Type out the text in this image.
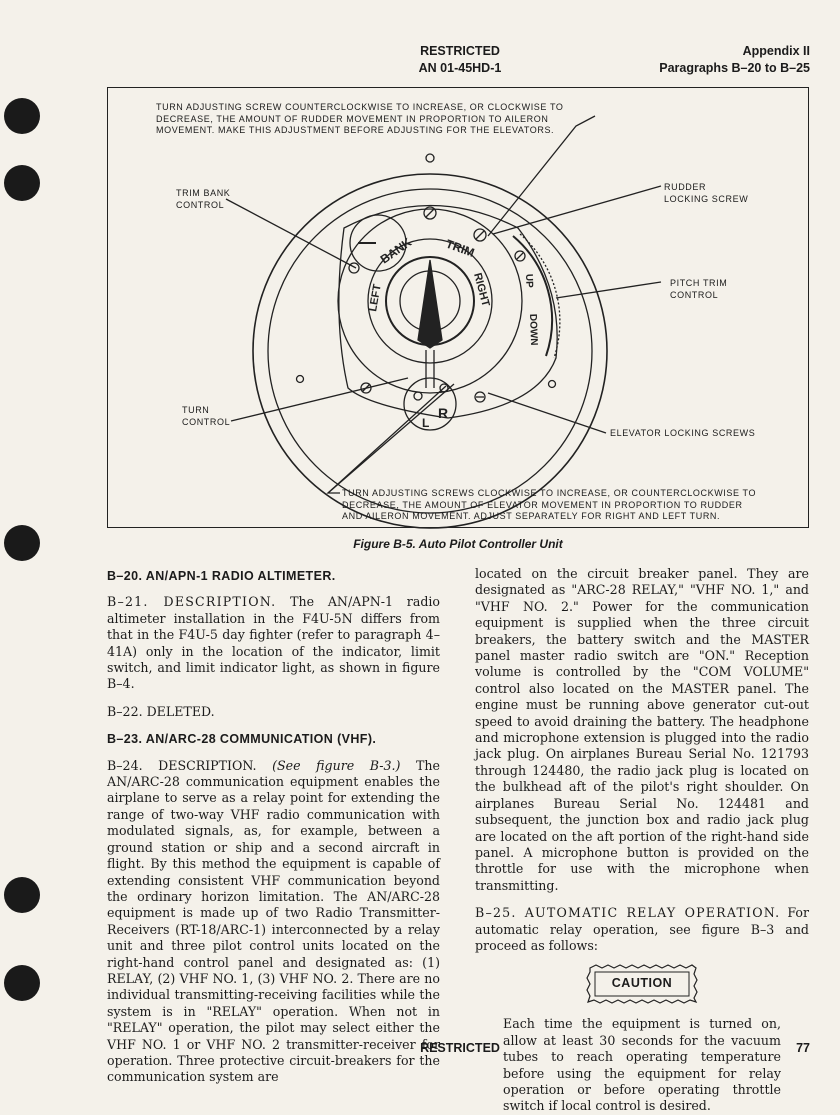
RESTRICTED
AN 01-45HD-1
Appendix II
Paragraphs B–20 to B–25
BANK TRIM
LEFT	RIGHT	UP
DOWN
L
R
TURN ADJUSTING SCREW COUNTERCLOCKWISE TO INCREASE, OR CLOCKWISE TO
DECREASE, THE AMOUNT OF RUDDER MOVEMENT IN PROPORTION TO AILERON
MOVEMENT. MAKE THIS ADJUSTMENT BEFORE ADJUSTING FOR THE ELEVATORS.
TRIM BANK
CONTROL
RUDDER
LOCKING SCREW
PITCH TRIM
CONTROL
TURN
CONTROL
ELEVATOR LOCKING SCREWS
TURN ADJUSTING SCREWS CLOCKWISE TO INCREASE, OR COUNTERCLOCKWISE TO
DECREASE, THE AMOUNT OF ELEVATOR MOVEMENT IN PROPORTION TO RUDDER
AND AILERON MOVEMENT. ADJUST SEPARATELY FOR RIGHT AND LEFT TURN.
Figure B-5. Auto Pilot Controller Unit

B–20. AN/APN-1 RADIO ALTIMETER.

B–21. DESCRIPTION. The AN/APN-1 radio altimeter installation in the F4U-5N differs from that in the F4U-5 day fighter (refer to paragraph 4–41A) only in the location of the indicator, limit switch, and limit indicator light, as shown in figure B–4.

B–22. DELETED.

B–23. AN/ARC-28 COMMUNICATION (VHF).

B–24. DESCRIPTION. (See figure B-3.) The AN/ARC-28 communication equipment enables the airplane to serve as a relay point for extending the range of two-way VHF radio communication with modulated signals, as, for example, between a ground station or ship and a second aircraft in flight. By this method the equipment is capable of extending consistent VHF communication beyond the ordinary horizon limitation. The AN/ARC-28 equipment is made up of two Radio Transmitter-Receivers (RT-18/ARC-1) interconnected by a relay unit and three pilot control units located on the right-hand control panel and designated as: (1) RELAY, (2) VHF NO. 1, (3) VHF NO. 2. There are no individual transmitting-receiving facilities while the system is in "RELAY" operation. When not in "RELAY" operation, the pilot may select either the VHF NO. 1 or VHF NO. 2 transmitter-receiver for operation. Three protective circuit-breakers for the communication system are

located on the circuit breaker panel. They are designated as "ARC-28 RELAY," "VHF NO. 1," and "VHF NO. 2." Power for the communication equipment is supplied when the three circuit breakers, the battery switch and the MASTER panel master radio switch are "ON." Reception volume is controlled by the "COM VOLUME" control also located on the MASTER panel. The engine must be running above generator cut-out speed to avoid draining the battery. The headphone and microphone extension is plugged into the radio jack plug. On airplanes Bureau Serial No. 121793 through 124480, the radio jack plug is located on the bulkhead aft of the pilot's right shoulder. On airplanes Bureau Serial No. 124481 and subsequent, the junction box and radio jack plug are located on the aft portion of the right-hand side panel. A microphone button is provided on the throttle for use with the microphone when transmitting.

B–25. AUTOMATIC RELAY OPERATION. For automatic relay operation, see figure B–3 and proceed as follows:

CAUTION

Each time the equipment is turned on, allow at least 30 seconds for the vacuum tubes to reach operating temperature before using the equipment for relay operation or before operating throttle switch if local control is desired.

RESTRICTED	77
